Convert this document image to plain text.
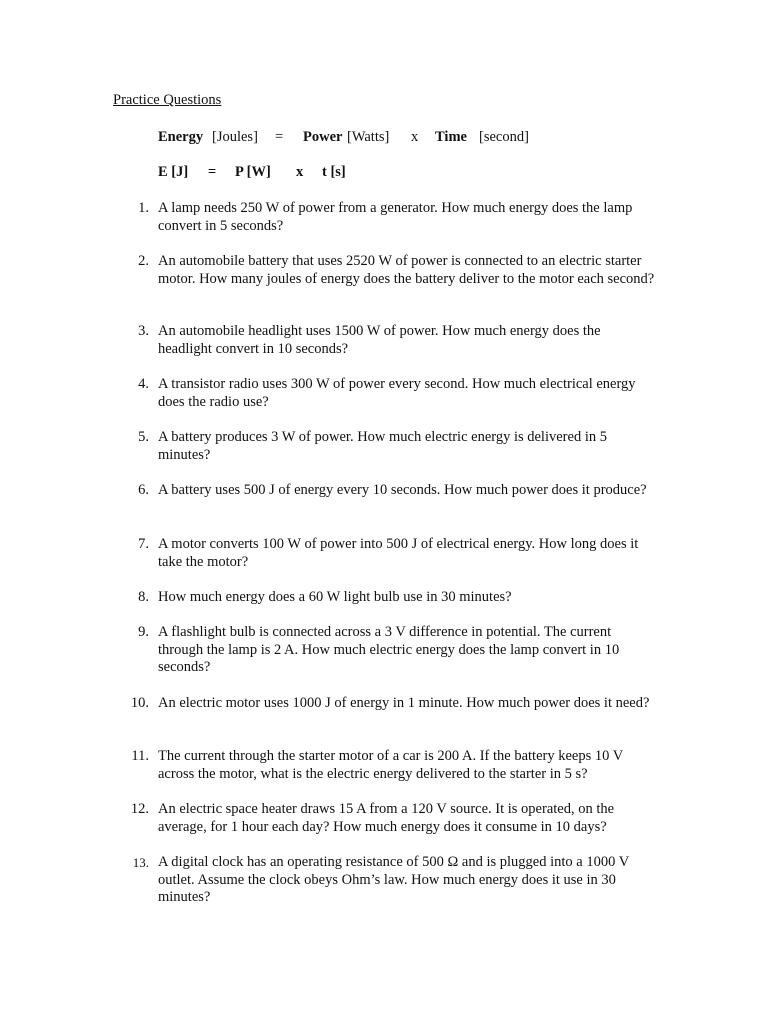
Practice Questions
Energy [Joules] = Power [Watts] x Time [second]
E [J] = P [W] x t [s]
1. A lamp needs 250 W of power from a generator. How much energy does the lamp convert in 5 seconds?
2. An automobile battery that uses 2520 W of power is connected to an electric starter motor. How many joules of energy does the battery deliver to the motor each second?
3. An automobile headlight uses 1500 W of power. How much energy does the headlight convert in 10 seconds?
4. A transistor radio uses 300 W of power every second. How much electrical energy does the radio use?
5. A battery produces 3 W of power. How much electric energy is delivered in 5 minutes?
6. A battery uses 500 J of energy every 10 seconds. How much power does it produce?
7. A motor converts 100 W of power into 500 J of electrical energy. How long does it take the motor?
8. How much energy does a 60 W light bulb use in 30 minutes?
9. A flashlight bulb is connected across a 3 V difference in potential. The current through the lamp is 2 A. How much electric energy does the lamp convert in 10 seconds?
10. An electric motor uses 1000 J of energy in 1 minute. How much power does it need?
11. The current through the starter motor of a car is 200 A. If the battery keeps 10 V across the motor, what is the electric energy delivered to the starter in 5 s?
12. An electric space heater draws 15 A from a 120 V source. It is operated, on the average, for 1 hour each day? How much energy does it consume in 10 days?
13. A digital clock has an operating resistance of 500 Ω and is plugged into a 1000 V outlet. Assume the clock obeys Ohm’s law. How much energy does it use in 30 minutes?
